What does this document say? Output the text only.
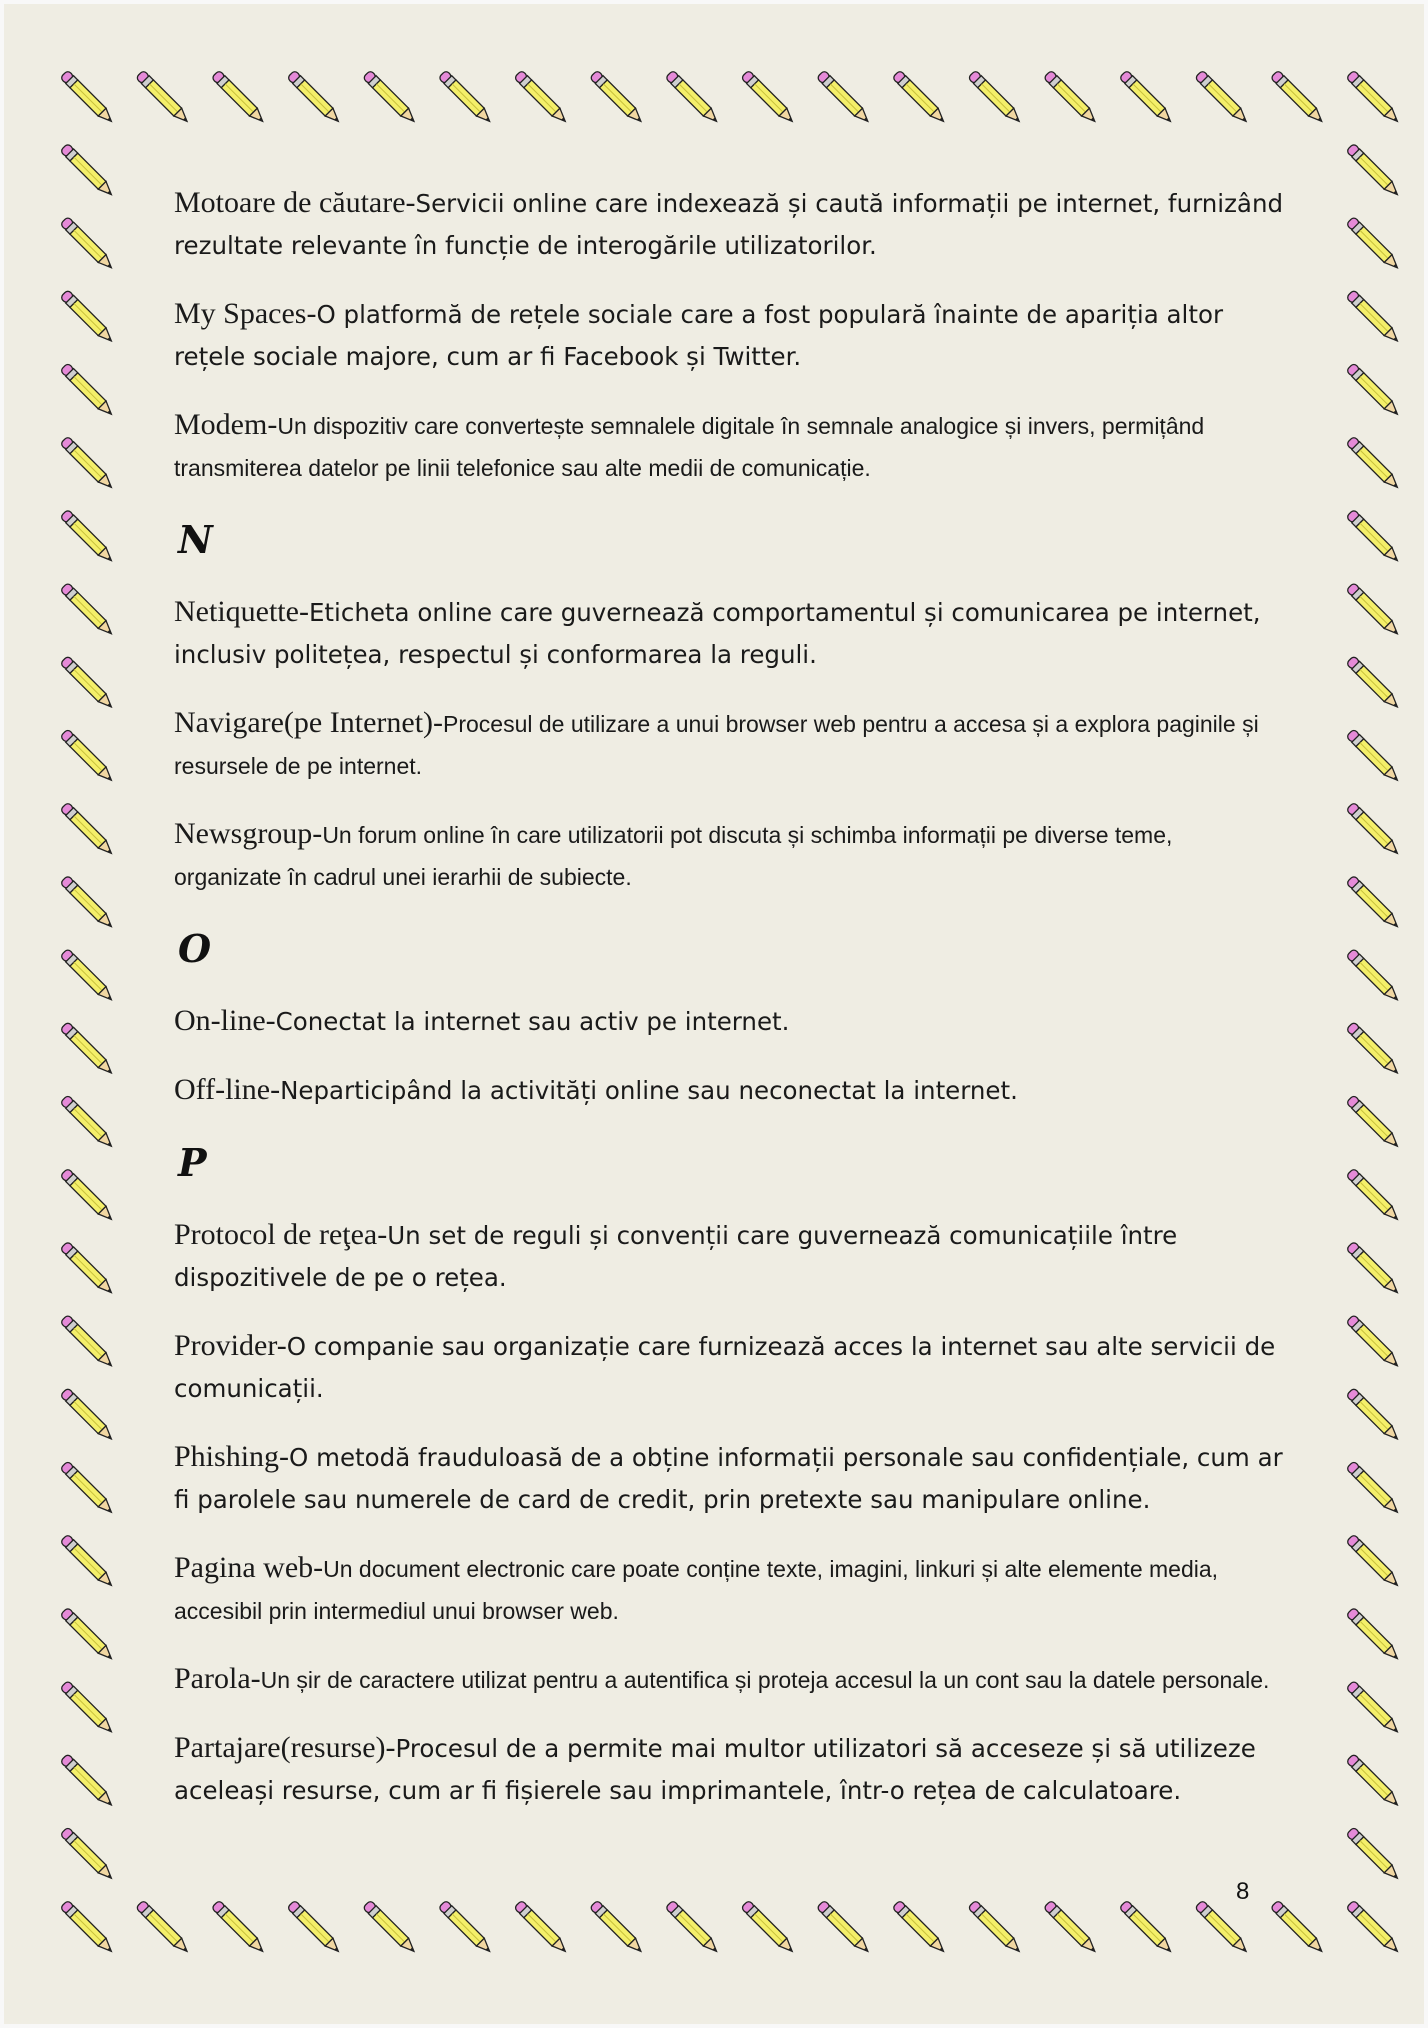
Motoare de căutare-Servicii online care indexează și caută informații pe internet, furnizând rezultate relevante în funcție de interogările utilizatorilor.
My Spaces-O platformă de rețele sociale care a fost populară înainte de apariția altor rețele sociale majore, cum ar fi Facebook și Twitter.
Modem-Un dispozitiv care convertește semnalele digitale în semnale analogice și invers, permițând transmiterea datelor pe linii telefonice sau alte medii de comunicație.
N
Netiquette-Eticheta online care guvernează comportamentul și comunicarea pe internet, inclusiv politețea, respectul și conformarea la reguli.
Navigare(pe Internet)-Procesul de utilizare a unui browser web pentru a accesa și a explora paginile și resursele de pe internet.
Newsgroup-Un forum online în care utilizatorii pot discuta și schimba informații pe diverse teme, organizate în cadrul unei ierarhii de subiecte.
O
On-line-Conectat la internet sau activ pe internet.
Off-line-Neparticipând la activități online sau neconectat la internet.
P
Protocol de reţea-Un set de reguli și convenții care guvernează comunicațiile între dispozitivele de pe o rețea.
Provider-O companie sau organizație care furnizează acces la internet sau alte servicii de comunicații.
Phishing-O metodă frauduloasă de a obține informații personale sau confidențiale, cum ar fi parolele sau numerele de card de credit, prin pretexte sau manipulare online.
Pagina web-Un document electronic care poate conține texte, imagini, linkuri și alte elemente media, accesibil prin intermediul unui browser web.
Parola-Un șir de caractere utilizat pentru a autentifica și proteja accesul la un cont sau la datele personale.
Partajare(resurse)-Procesul de a permite mai multor utilizatori să acceseze și să utilizeze aceleași resurse, cum ar fi fișierele sau imprimantele, într-o rețea de calculatoare.
8
